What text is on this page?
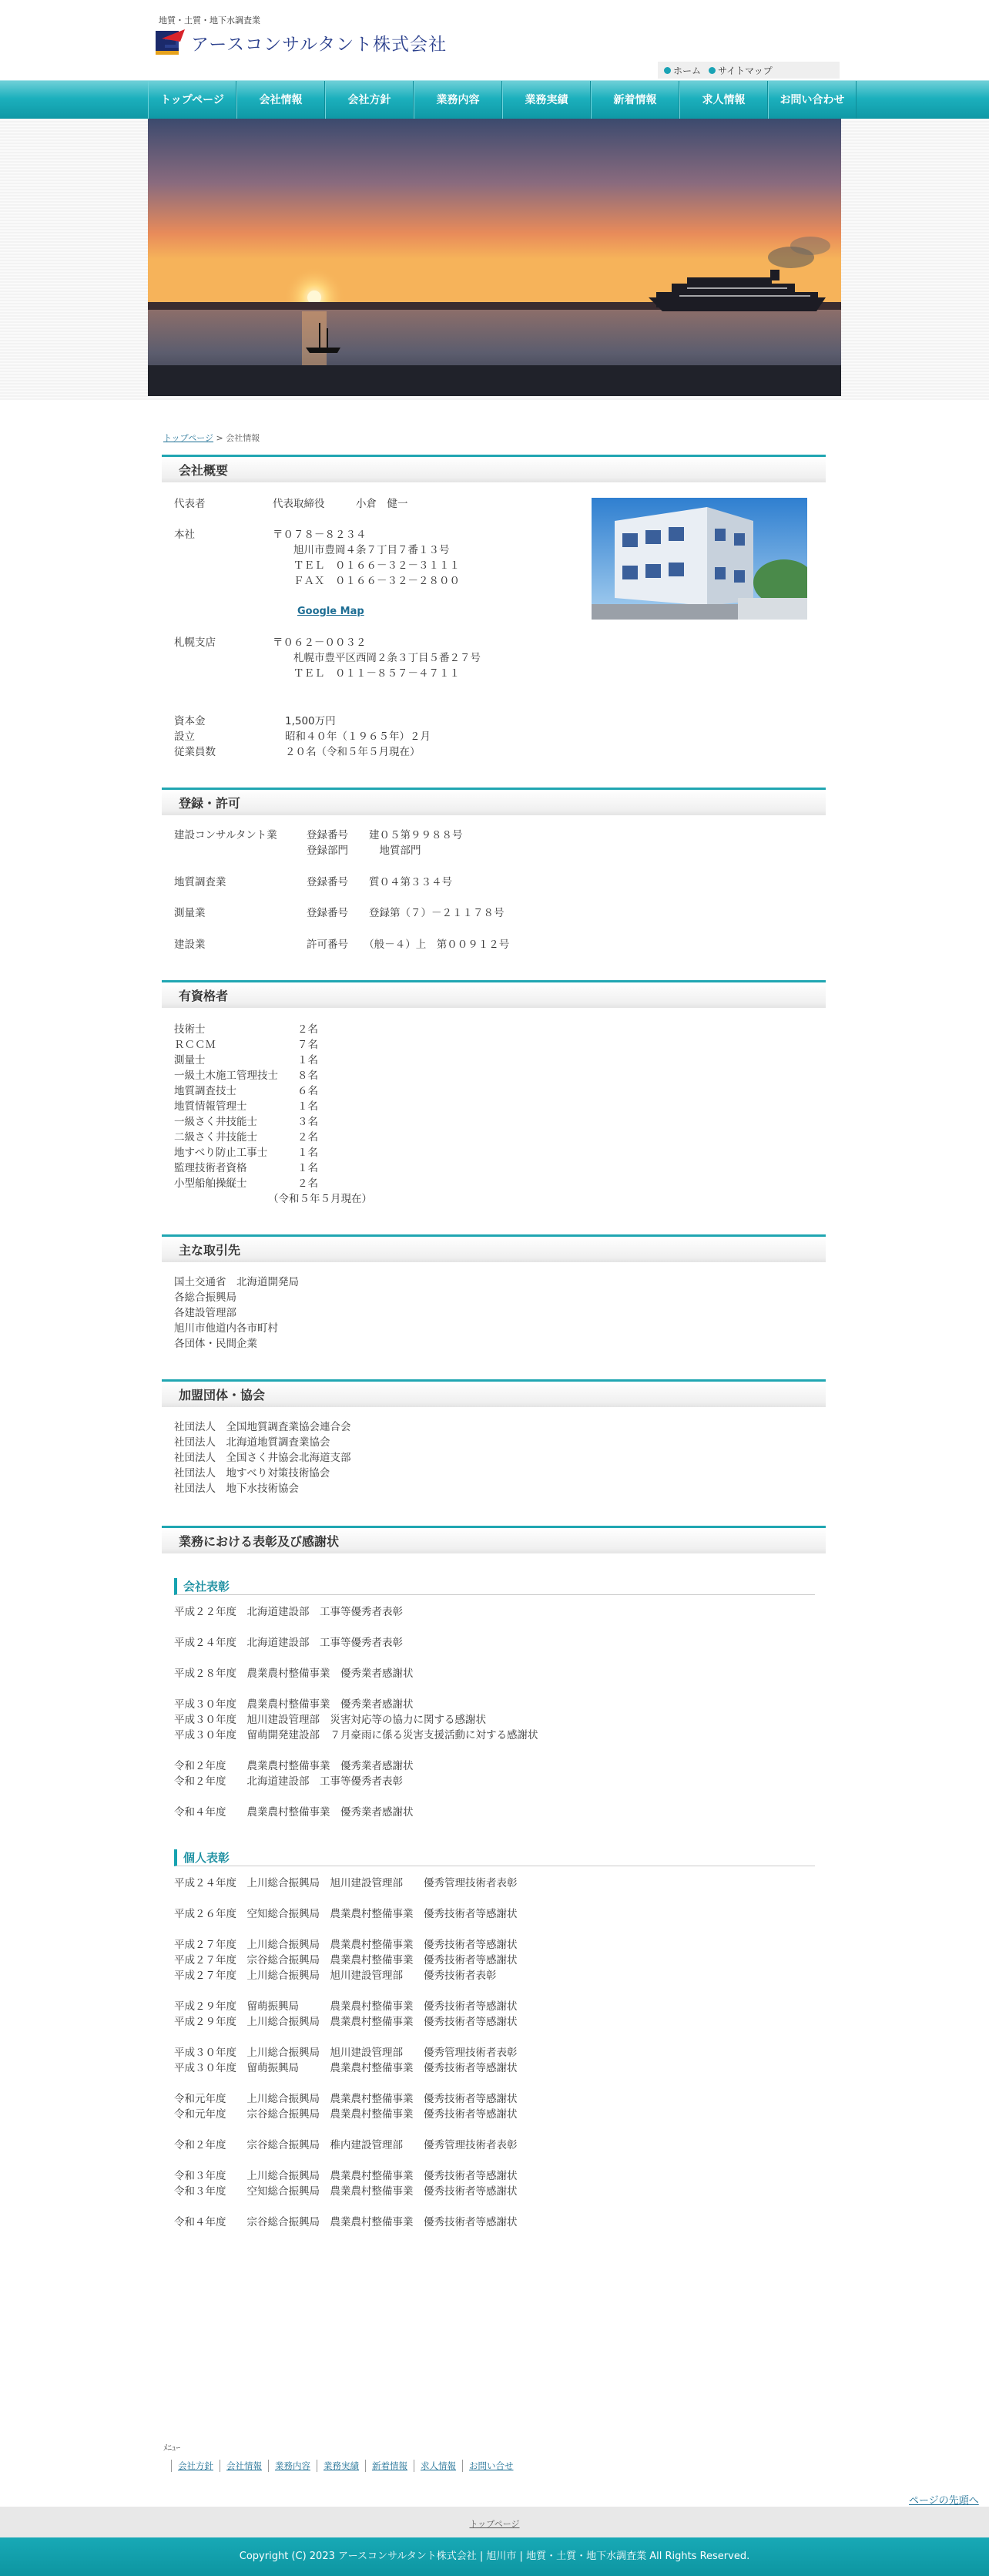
地質・土質・地下水調査業
アースコンサルタント株式会社
ホーム サイトマップ
トップページ	会社情報	会社方針	業務内容	業務実績	新着情報	求人情報	お問い合わせ
トップページ > 会社情報
会社概要
代表者	代表取締役　　　小倉　健一
本社	〒０７８－８２３４
　　旭川市豊岡４条７丁目７番１３号
　　ＴＥＬ　０１６６－３２－３１１１
　　ＦＡＸ　０１６６－３２－２８００
Google Map
札幌支店	〒０６２－００３２
　　札幌市豊平区西岡２条３丁目５番２７号
　　ＴＥＬ　０１１－８５７－４７１１
資本金	1,500万円
設立	昭和４０年（１９６５年）２月
従業員数	２０名（令和５年５月現在）
登録・許可
建設コンサルタント業	登録番号　　建０５第９９８８号
登録部門　　　地質部門
地質調査業	登録番号　　質０４第３３４号
測量業	登録番号　　登録第（７）－２１１７８号
建設業	許可番号　　（般－４）上　第００９１２号
有資格者
技術士	２名
ＲＣＣＭ	７名
測量士	１名
一級土木施工管理技士 ８名
地質調査技士	６名
地質情報管理士	１名
一級さく井技能士	３名
二級さく井技能士	２名
地すべり防止工事士	１名
監理技術者資格	１名
小型船舶操縦士	２名
（令和５年５月現在）
主な取引先
国土交通省　北海道開発局
各総合振興局
各建設管理部
旭川市他道内各市町村
各団体・民間企業
加盟団体・協会
社団法人　全国地質調査業協会連合会
社団法人　北海道地質調査業協会
社団法人　全国さく井協会北海道支部
社団法人　地すべり対策技術協会
社団法人　地下水技術協会
業務における表彰及び感謝状
会社表彰
平成２２年度　北海道建設部　工事等優秀者表彰
平成２４年度　北海道建設部　工事等優秀者表彰
平成２８年度　農業農村整備事業　優秀業者感謝状
平成３０年度　農業農村整備事業　優秀業者感謝状
平成３０年度　旭川建設管理部　災害対応等の協力に関する感謝状
平成３０年度　留萌開発建設部　７月豪雨に係る災害支援活動に対する感謝状
令和２年度　　農業農村整備事業　優秀業者感謝状
令和２年度　　北海道建設部　工事等優秀者表彰
令和４年度　　農業農村整備事業　優秀業者感謝状
個人表彰
平成２４年度　上川総合振興局　旭川建設管理部　　優秀管理技術者表彰
平成２６年度　空知総合振興局　農業農村整備事業　優秀技術者等感謝状
平成２７年度　上川総合振興局　農業農村整備事業　優秀技術者等感謝状
平成２７年度　宗谷総合振興局　農業農村整備事業　優秀技術者等感謝状
平成２７年度　上川総合振興局　旭川建設管理部　　優秀技術者表彰
平成２９年度　留萌振興局　　　農業農村整備事業　優秀技術者等感謝状
平成２９年度　上川総合振興局　農業農村整備事業　優秀技術者等感謝状
平成３０年度　上川総合振興局　旭川建設管理部　　優秀管理技術者表彰
平成３０年度　留萌振興局　　　農業農村整備事業　優秀技術者等感謝状
令和元年度　　上川総合振興局　農業農村整備事業　優秀技術者等感謝状
令和元年度　　宗谷総合振興局　農業農村整備事業　優秀技術者等感謝状
令和２年度　　宗谷総合振興局　稚内建設管理部　　優秀管理技術者表彰
令和３年度　　上川総合振興局　農業農村整備事業　優秀技術者等感謝状
令和３年度　　空知総合振興局　農業農村整備事業　優秀技術者等感謝状
令和４年度　　宗谷総合振興局　農業農村整備事業　優秀技術者等感謝状
ﾒﾆｭｰ
会社方針	会社情報	業務内容	業務実績	新着情報	求人情報	お問い合せ
ページの先頭へ
トップページ
Copyright (C) 2023 アースコンサルタント株式会社 | 旭川市 | 地質・土質・地下水調査業 All Rights Reserved.
